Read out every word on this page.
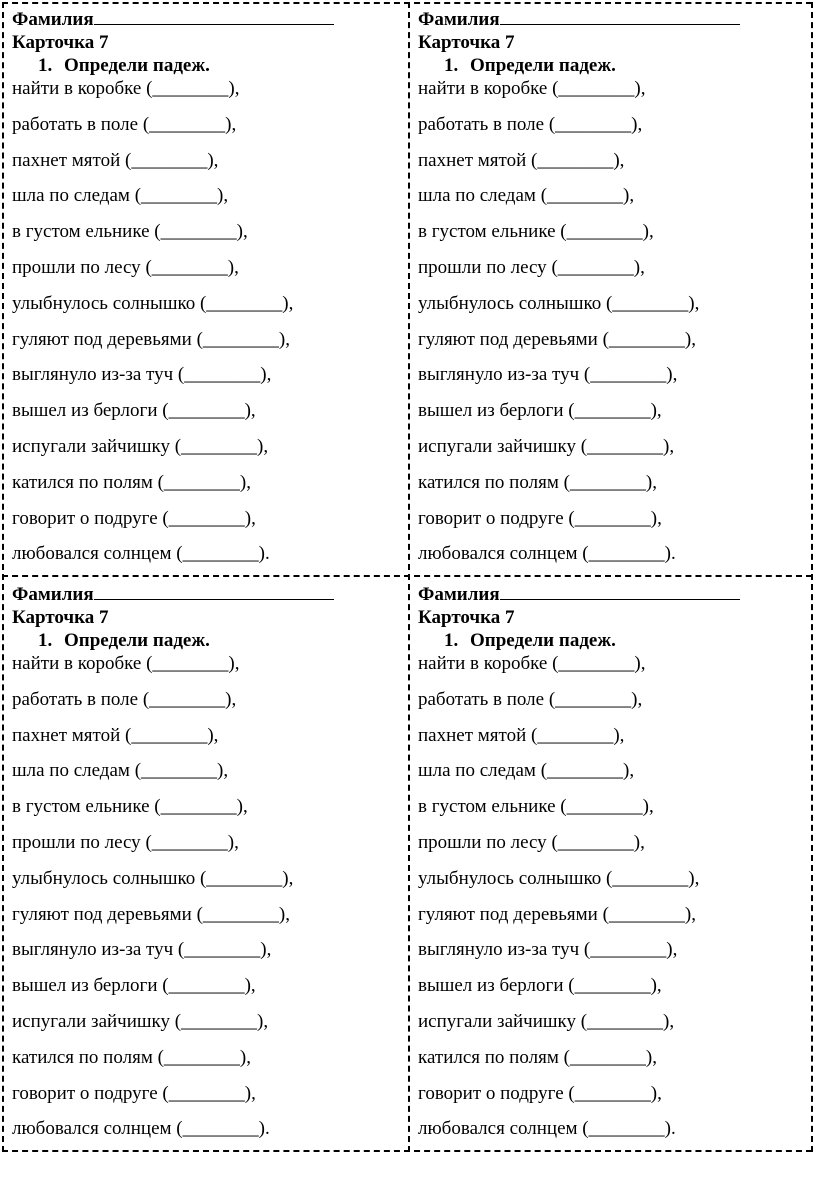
Фамилия
Карточка 7
1. Определи падеж.
найти в коробке (________),
работать в поле (________),
пахнет мятой (________),
шла по следам (________),
в густом ельнике (________),
прошли по лесу (________),
улыбнулось солнышко (________),
гуляют под деревьями (________),
выглянуло из-за туч (________),
вышел из берлоги (________),
испугали зайчишку (________),
катился по полям (________),
говорит о подруге (________),
любовался солнцем (________).
Фамилия
Карточка 7
1. Определи падеж.
найти в коробке (________),
работать в поле (________),
пахнет мятой (________),
шла по следам (________),
в густом ельнике (________),
прошли по лесу (________),
улыбнулось солнышко (________),
гуляют под деревьями (________),
выглянуло из-за туч (________),
вышел из берлоги (________),
испугали зайчишку (________),
катился по полям (________),
говорит о подруге (________),
любовался солнцем (________).
Фамилия
Карточка 7
1. Определи падеж.
найти в коробке (________),
работать в поле (________),
пахнет мятой (________),
шла по следам (________),
в густом ельнике (________),
прошли по лесу (________),
улыбнулось солнышко (________),
гуляют под деревьями (________),
выглянуло из-за туч (________),
вышел из берлоги (________),
испугали зайчишку (________),
катился по полям (________),
говорит о подруге (________),
любовался солнцем (________).
Фамилия
Карточка 7
1. Определи падеж.
найти в коробке (________),
работать в поле (________),
пахнет мятой (________),
шла по следам (________),
в густом ельнике (________),
прошли по лесу (________),
улыбнулось солнышко (________),
гуляют под деревьями (________),
выглянуло из-за туч (________),
вышел из берлоги (________),
испугали зайчишку (________),
катился по полям (________),
говорит о подруге (________),
любовался солнцем (________).
